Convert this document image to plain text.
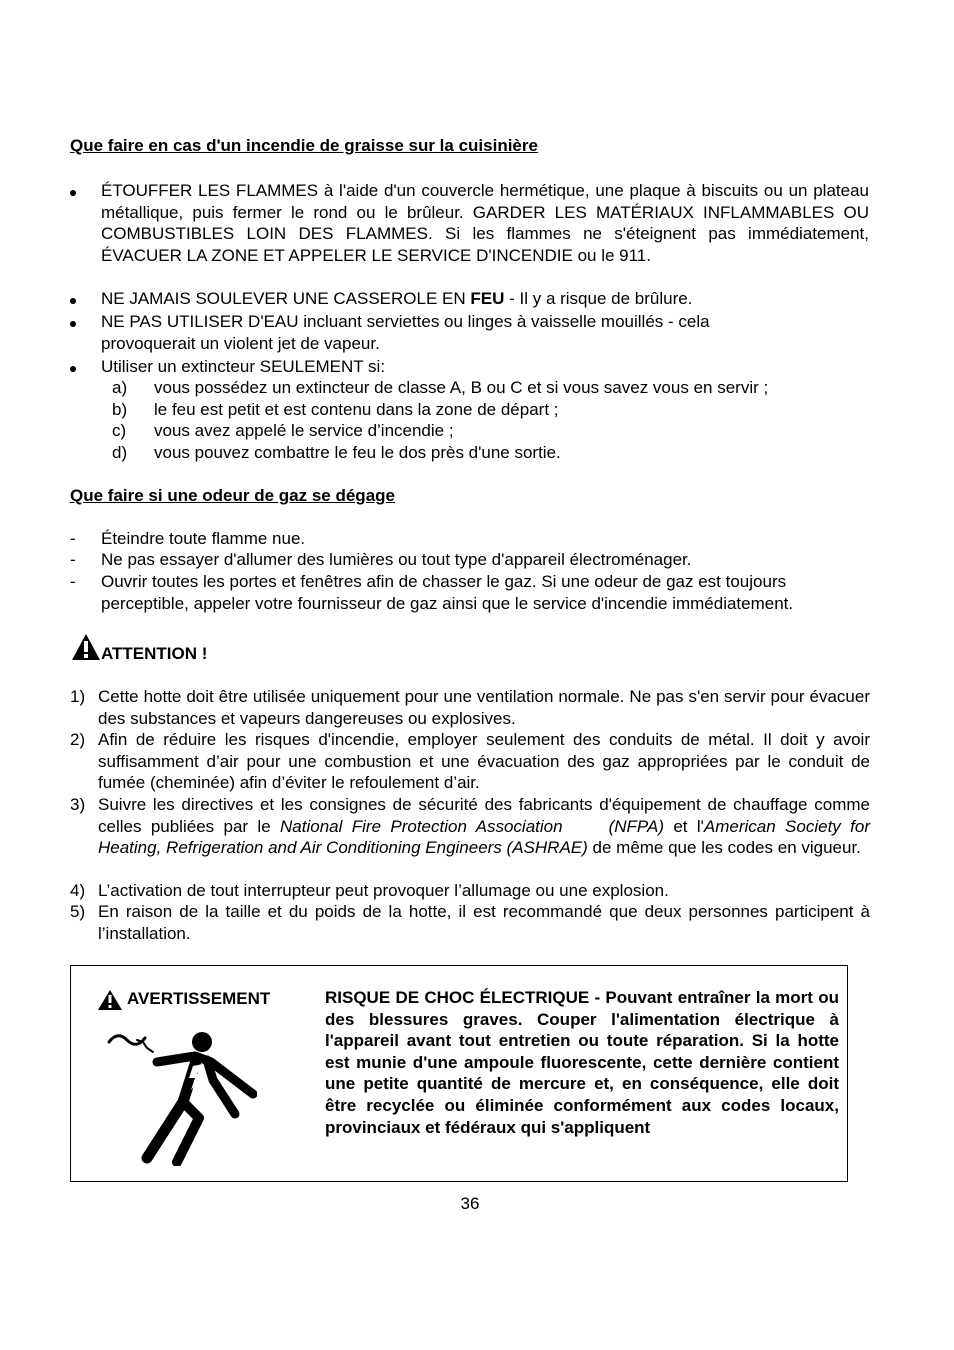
Que faire en cas d'un incendie de graisse sur la cuisinière
ÉTOUFFER LES FLAMMES à l'aide d'un couvercle hermétique, une plaque à biscuits ou un plateau métallique, puis fermer le rond ou le brûleur. GARDER LES MATÉRIAUX INFLAMMABLES OU COMBUSTIBLES LOIN DES FLAMMES. Si les flammes ne s'éteignent pas immédiatement, ÉVACUER LA ZONE ET APPELER LE SERVICE D'INCENDIE ou le 911.
NE JAMAIS SOULEVER UNE CASSEROLE EN FEU - Il y a risque de brûlure.
NE PAS UTILISER D'EAU incluant serviettes ou linges à vaisselle mouillés - cela provoquerait un violent jet de vapeur.
Utiliser un extincteur SEULEMENT si:
a) vous possédez un extincteur de classe A, B ou C et si vous savez vous en servir ;
b) le feu est petit et est contenu dans la zone de départ ;
c) vous avez appelé le service d’incendie ;
d) vous pouvez combattre le feu le dos près d'une sortie.
Que faire si une odeur de gaz se dégage
- Éteindre toute flamme nue.
- Ne pas essayer d'allumer des lumières ou tout type d'appareil électroménager.
- Ouvrir toutes les portes et fenêtres afin de chasser le gaz. Si une odeur de gaz est toujours perceptible, appeler votre fournisseur de gaz ainsi que le service d'incendie immédiatement.
ATTENTION !
1) Cette hotte doit être utilisée uniquement pour une ventilation normale. Ne pas s'en servir pour évacuer des substances et vapeurs dangereuses ou explosives.
2) Afin de réduire les risques d'incendie, employer seulement des conduits de métal. Il doit y avoir suffisamment d’air pour une combustion et une évacuation des gaz appropriées par le conduit de fumée (cheminée) afin d’éviter le refoulement d’air.
3) Suivre les directives et les consignes de sécurité des fabricants d'équipement de chauffage comme celles publiées par le National Fire Protection Association	(NFPA) et l'American Society for Heating, Refrigeration and Air Conditioning Engineers (ASHRAE) de même que les codes en vigueur.
4) L’activation de tout interrupteur peut provoquer l’allumage ou une explosion.
5) En raison de la taille et du poids de la hotte, il est recommandé que deux personnes participent à l’installation.
AVERTISSEMENT	RISQUE DE CHOC ÉLECTRIQUE - Pouvant entraîner la mort ou des blessures graves. Couper l'alimentation électrique à l'appareil avant tout entretien ou toute réparation. Si la hotte est munie d'une ampoule fluorescente, cette dernière contient une petite quantité de mercure et, en conséquence, elle doit être recyclée ou éliminée conformément aux codes locaux, provinciaux et fédéraux qui s'appliquent
36
